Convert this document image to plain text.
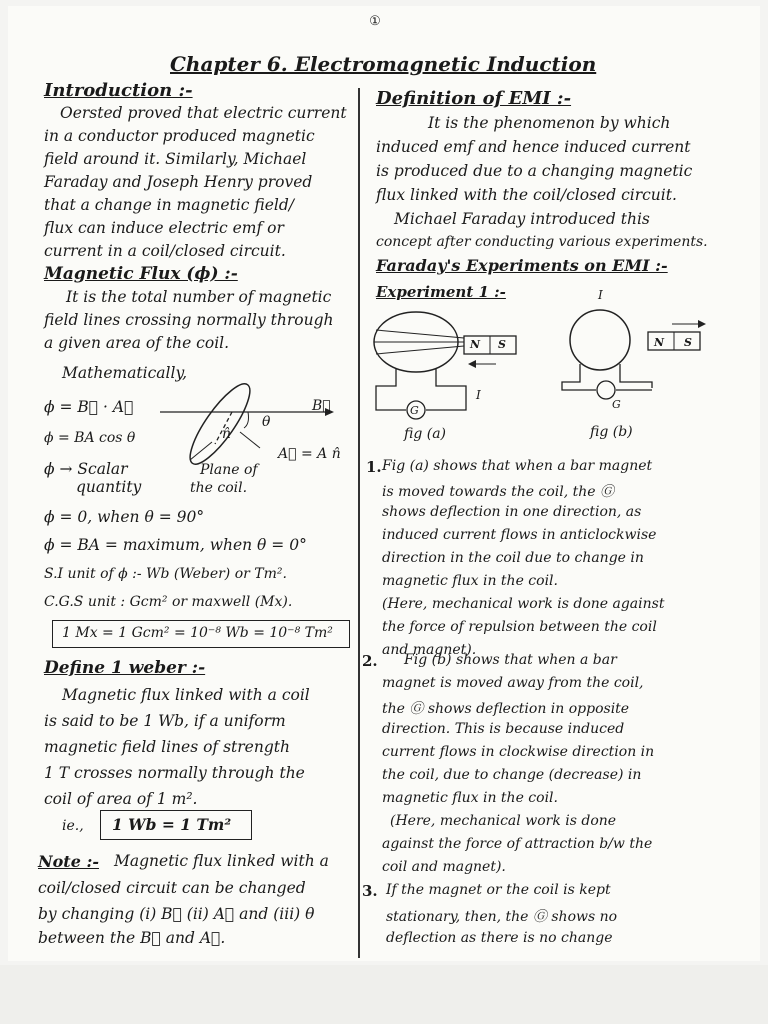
①
Chapter 6. Electromagnetic Induction
Introduction :-
Oersted proved that electric current
in a conductor produced magnetic
field around it. Similarly, Michael
Faraday and Joseph Henry proved
that a change in magnetic field/
flux can induce electric emf or
current in a coil/closed circuit.
Magnetic Flux (ϕ) :-
It is the total number of magnetic
field lines crossing normally through
a given area of the coil.
Mathematically,
ϕ = B⃗ · A⃗
ϕ = BA cos θ
ϕ → Scalar
quantity
B⃗
θ
n̂
A⃗ = A n̂
Plane of
the coil.
ϕ = 0, when θ = 90°
ϕ = BA = maximum, when θ = 0°
S.I unit of ϕ :- Wb (Weber) or Tm².
C.G.S unit : Gcm² or maxwell (Mx).
1 Mx = 1 Gcm² = 10⁻⁸ Wb = 10⁻⁸ Tm²
Define 1 weber :-
Magnetic flux linked with a coil
is said to be 1 Wb, if a uniform
magnetic field lines of strength
1 T crosses normally through the
coil of area of 1 m².
ie., 1 Wb = 1 Tm²
Note :- Magnetic flux linked with a
coil/closed circuit can be changed
by changing (i) B⃗ (ii) A⃗ and (iii) θ
between the B⃗ and A⃗.
Definition of EMI :-
It is the phenomenon by which
induced emf and hence induced current
is produced due to a changing magnetic
flux linked with the coil/closed circuit.
Michael Faraday introduced this
concept after conducting various experiments.
Faraday's Experiments on EMI :-
Experiment 1 :-
N S
I
G
fig (a)
N S
I
G
fig (b)
1. Fig (a) shows that when a bar magnet
is moved towards the coil, the Ⓖ
shows deflection in one direction, as
induced current flows in anticlockwise
direction in the coil due to change in
magnetic flux in the coil.
(Here, mechanical work is done against
the force of repulsion between the coil
and magnet).
2. Fig (b) shows that when a bar
magnet is moved away from the coil,
the Ⓖ shows deflection in opposite
direction. This is because induced
current flows in clockwise direction in
the coil, due to change (decrease) in
magnetic flux in the coil.
(Here, mechanical work is done
against the force of attraction b/w the
coil and magnet).
3. If the magnet or the coil is kept
stationary, then, the Ⓖ shows no
deflection as there is no change
